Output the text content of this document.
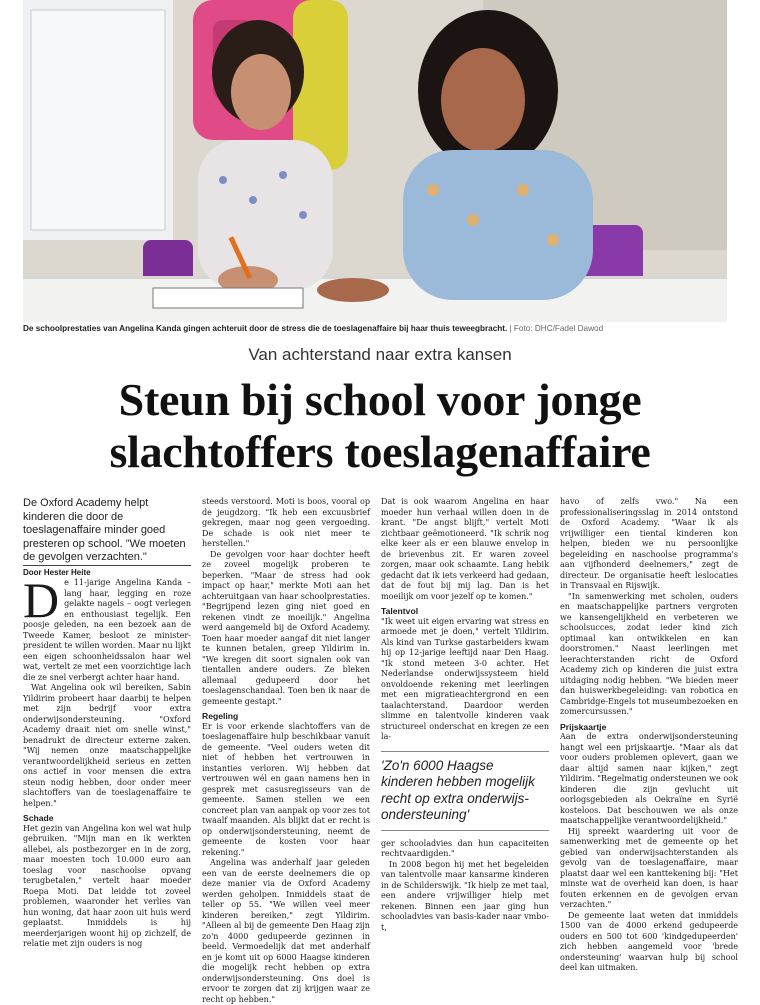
De schoolprestaties van Angelina Kanda gingen achteruit door de stress die de toeslagenaffaire bij haar thuis teweegbracht. | Foto: DHC/Fadel Dawod
Van achterstand naar extra kansen
Steun bij school voor jonge
slachtoffers toeslagenaffaire

De Oxford Academy helpt kinderen die door de toeslagenaffaire minder goed presteren op school. "We moeten de gevolgen verzachten."

Door Hester Heite

De 11-jarige Angelina Kanda – lang haar, legging en roze gelakte nagels – oogt verlegen en enthousiast tegelijk. Een poosje geleden, na een bezoek aan de Tweede Kamer, besloot ze minister-president te willen worden. Maar nu lijkt een eigen schoonheidssalon haar wel wat, vertelt ze met een voorzichtige lach die ze snel verbergt achter haar hand.

Wat Angelina ook wil bereiken, Sabin Yildirim probeert haar daarbij te helpen met zijn bedrijf voor extra onderwijsondersteuning. "Oxford Academy draait niet om snelle winst," benadrukt de directeur externe zaken. "Wij nemen onze maatschappelijke verantwoordelijkheid serieus en zetten ons actief in voor mensen die extra steun nodig hebben, door onder meer slachtoffers van de toeslagenaffaire te helpen."

Schade

Het gezin van Angelina kon wel wat hulp gebruiken. "Mijn man en ik werkten allebei, als postbezorger en in de zorg, maar moesten toch 10.000 euro aan toeslag voor naschoolse opvang terugbetalen," vertelt haar moeder Roepa Moti. Dat leidde tot zoveel problemen, waaronder het verlies van hun woning, dat haar zoon uit huis werd geplaatst. Inmiddels is hij meerderjarigen woont hij op zichzelf, de relatie met zijn ouders is nog

steeds verstoord. Moti is boos, vooral op de jeugdzorg. "Ik heb een excuusbrief gekregen, maar nog geen vergoeding. De schade is ook niet meer te herstellen."

De gevolgen voor haar dochter heeft ze zoveel mogelijk proberen te beperken. "Maar de stress had ook impact op haar," merkte Moti aan het achteruitgaan van haar schoolprestaties. "Begrijpend lezen ging niet goed en rekenen vindt ze moeilijk." Angelina werd aangemeld bij de Oxford Academy. Toen haar moeder aangaf dit niet langer te kunnen betalen, greep Yildirim in. "We kregen dit soort signalen ook van tientallen andere ouders. Ze bleken allemaal gedupeerd door het toeslagenschandaal. Toen ben ik naar de gemeente gestapt."

Regeling

Er is voor erkende slachtoffers van de toeslagenaffaire hulp beschikbaar vanuit de gemeente. "Veel ouders weten dit niet of hebben het vertrouwen in instanties verloren. Wij hebben dat vertrouwen wél en gaan namens hen in gesprek met casusregisseurs van de gemeente. Samen stellen we een concreet plan van aanpak op voor zes tot twaalf maanden. Als blijkt dat er recht is op onderwijsondersteuning, neemt de gemeente de kosten voor haar rekening."

Angelina was anderhalf jaar geleden een van de eerste deelnemers die op deze manier via de Oxford Academy werden geholpen. Inmiddels staat de teller op 55. "We willen veel meer kinderen bereiken," zegt Yildirim. "Alleen al bij de gemeente Den Haag zijn zo'n 4000 gedupeerde gezinnen in beeld. Vermoedelijk dat met anderhalf en je komt uit op 6000 Haagse kinderen die mogelijk recht hebben op extra onderwijsondersteuning. Ons doel is ervoor te zorgen dat zij krijgen waar ze recht op hebben."

Dat is ook waarom Angelina en haar moeder hun verhaal willen doen in de krant. "De angst blijft," vertelt Moti zichtbaar geëmotioneerd. "Ik schrik nog elke keer als er een blauwe envelop in de brievenbus zit. Er waren zoveel zorgen, maar ook schaamte. Lang hebik gedacht dat ik iets verkeerd had gedaan, dat de fout bij mij lag. Dan is het moeilijk om voor jezelf op te komen."

Talentvol

"Ik weet uit eigen ervaring wat stress en armoede met je doen," vertelt Yildirim. Als kind van Turkse gastarbeiders kwam hij op 12-jarige leeftijd naar Den Haag. "Ik stond meteen 3-0 achter. Het Nederlandse onderwijssysteem hield onvoldoende rekening met leerlingen met een migratieachtergrond en een taalachterstand. Daardoor werden slimme en talentvolle kinderen vaak structureel onderschat en kregen ze een la-

'Zo'n 6000 Haagse kinderen hebben mogelijk recht op extra onderwijs-ondersteuning'

ger schooladvies dan hun capaciteiten rechtvaardigden."

In 2008 begon hij met het begeleiden van talentvolle maar kansarme kinderen in de Schilderswijk. "Ik hielp ze met taal, een andere vrijwilliger hielp met rekenen. Binnen een jaar ging hun schooladvies van basis-kader naar vmbo-t,

havo of zelfs vwo." Na een professionaliseringsslag in 2014 ontstond de Oxford Academy. "Waar ik als vrijwilliger een tiental kinderen kon helpen, bieden we nu persoonlijke begeleiding en naschoolse programma's aan vijfhonderd deelnemers," zegt de directeur. De organisatie heeft leslocaties in Transvaal en Rijswijk.

"In samenwerking met scholen, ouders en maatschappelijke partners vergroten we kansengelijkheid en verbeteren we schoolsucces, zodat ieder kind zich optimaal kan ontwikkelen en kan doorstromen." Naast leerlingen met leerachterstanden richt de Oxford Academy zich op kinderen die juist extra uitdaging nodig hebben. "We bieden meer dan huiswerkbegeleiding: van robotica en Cambridge-Engels tot museumbezoeken en zomercursussen."

Prijskaartje

Aan de extra onderwijsondersteuning hangt wel een prijskaartje. "Maar als dat voor ouders problemen oplevert, gaan we daar altijd samen naar kijken," zegt Yildirim. "Regelmatig ondersteunen we ook kinderen die zijn gevlucht uit oorlogsgebieden als Oekraïne en Syrië kosteloos. Dat beschouwen we als onze maatschappelijke verantwoordelijkheid."

Hij spreekt waardering uit voor de samenwerking met de gemeente op het gebied van onderwijsachterstanden als gevolg van de toeslagenaffaire, maar plaatst daar wel een kanttekening bij: "Het minste wat de overheid kan doen, is haar fouten erkennen en de gevolgen ervan verzachten."

De gemeente laat weten dat inmiddels 1500 van de 4000 erkend gedupeerde ouders en 500 tot 600 'kindgedupeerden' zich hebben aangemeld voor 'brede ondersteuning' waarvan hulp bij school deel kan uitmaken.
